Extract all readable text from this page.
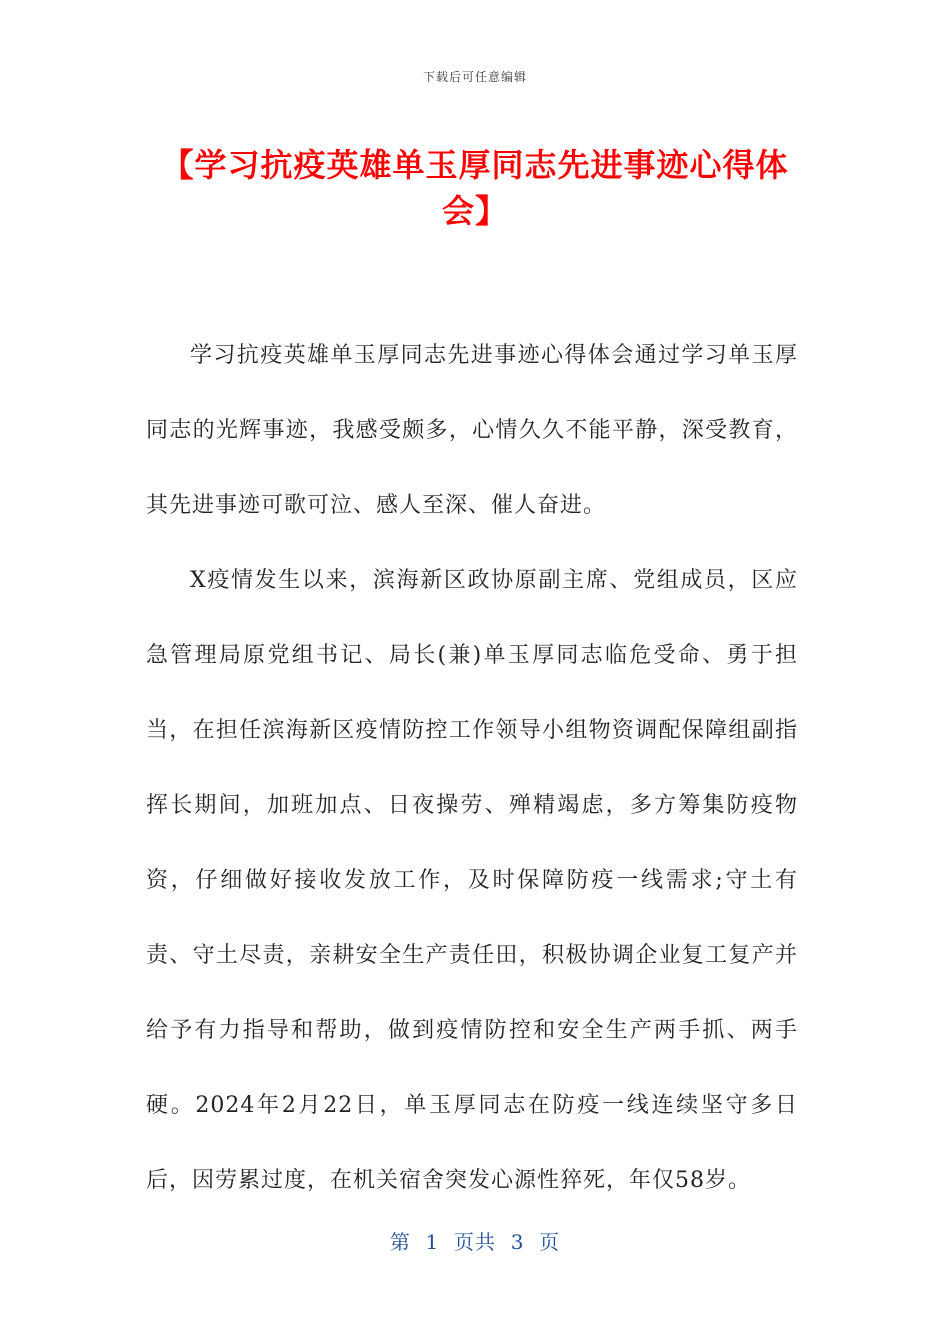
下载后可任意编辑
【学习抗疫英雄单玉厚同志先进事迹心得体会】

学习抗疫英雄单玉厚同志先进事迹心得体会通过学习单玉厚同志的光辉事迹，我感受颇多，心情久久不能平静，深受教育，其先进事迹可歌可泣、感人至深、催人奋进。

X疫情发生以来，滨海新区政协原副主席、党组成员，区应急管理局原党组书记、局长(兼)单玉厚同志临危受命、勇于担当，在担任滨海新区疫情防控工作领导小组物资调配保障组副指挥长期间，加班加点、日夜操劳、殚精竭虑，多方筹集防疫物资，仔细做好接收发放工作，及时保障防疫一线需求;守土有责、守土尽责，亲耕安全生产责任田，积极协调企业复工复产并给予有力指导和帮助，做到疫情防控和安全生产两手抓、两手硬。2024年2月22日，单玉厚同志在防疫一线连续坚守多日后，因劳累过度，在机关宿舍突发心源性猝死，年仅58岁。

第  1  页共  3  页
